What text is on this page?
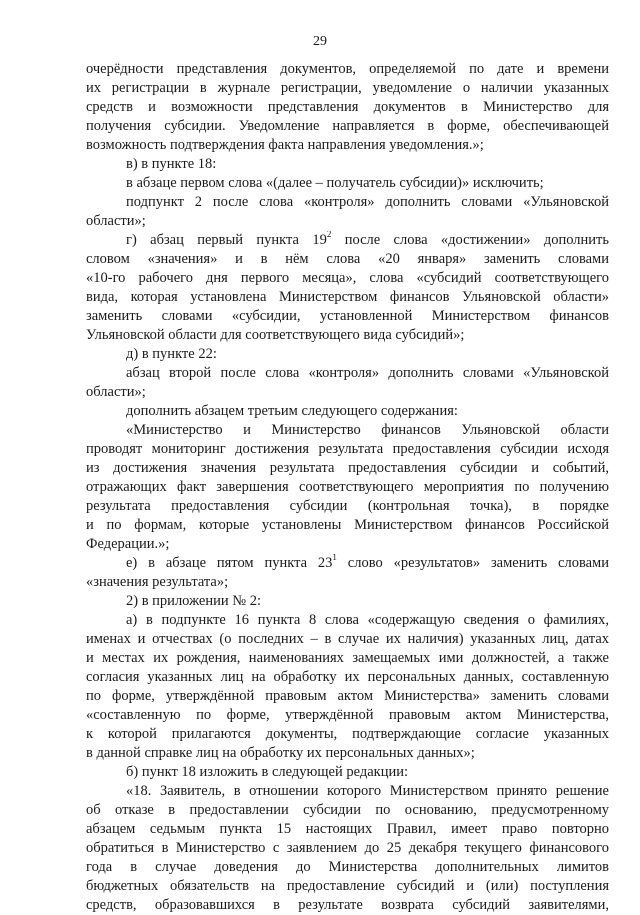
29
очерёдности представления документов, определяемой по дате и времени
их регистрации в журнале регистрации, уведомление о наличии указанных
средств и возможности представления документов в Министерство для
получения субсидии. Уведомление направляется в форме, обеспечивающей
возможность подтверждения факта направления уведомления.»;
в) в пункте 18:
в абзаце первом слова «(далее – получатель субсидии)» исключить;
подпункт 2 после слова «контроля» дополнить словами «Ульяновской
области»;
г) абзац первый пункта $19^2$ после слова «достижении» дополнить
словом «значения» и в нём слова «20 января» заменить словами
«10-го рабочего дня первого месяца», слова «субсидий соответствующего
вида, которая установлена Министерством финансов Ульяновской области»
заменить словами «субсидии, установленной Министерством финансов
Ульяновской области для соответствующего вида субсидий»;
д) в пункте 22:
абзац второй после слова «контроля» дополнить словами «Ульяновской
области»;
дополнить абзацем третьим следующего содержания:
«Министерство и Министерство финансов Ульяновской области
проводят мониторинг достижения результата предоставления субсидии исходя
из достижения значения результата предоставления субсидии и событий,
отражающих факт завершения соответствующего мероприятия по получению
результата предоставления субсидии (контрольная точка), в порядке
и по формам, которые установлены Министерством финансов Российской
Федерации.»;
е) в абзаце пятом пункта $23^1$ слово «результатов» заменить словами
«значения результата»;
2) в приложении № 2:
а) в подпункте 16 пункта 8 слова «содержащую сведения о фамилиях,
именах и отчествах (о последних – в случае их наличия) указанных лиц, датах
и местах их рождения, наименованиях замещаемых ими должностей, а также
согласия указанных лиц на обработку их персональных данных, составленную
по форме, утверждённой правовым актом Министерства» заменить словами
«составленную по форме, утверждённой правовым актом Министерства,
к которой прилагаются документы, подтверждающие согласие указанных
в данной справке лиц на обработку их персональных данных»;
б) пункт 18 изложить в следующей редакции:
«18. Заявитель, в отношении которого Министерством принято решение
об отказе в предоставлении субсидии по основанию, предусмотренному
абзацем седьмым пункта 15 настоящих Правил, имеет право повторно
обратиться в Министерство с заявлением до 25 декабря текущего финансового
года в случае доведения до Министерства дополнительных лимитов
бюджетных обязательств на предоставление субсидий и (или) поступления
средств, образовавшихся в результате возврата субсидий заявителями,
